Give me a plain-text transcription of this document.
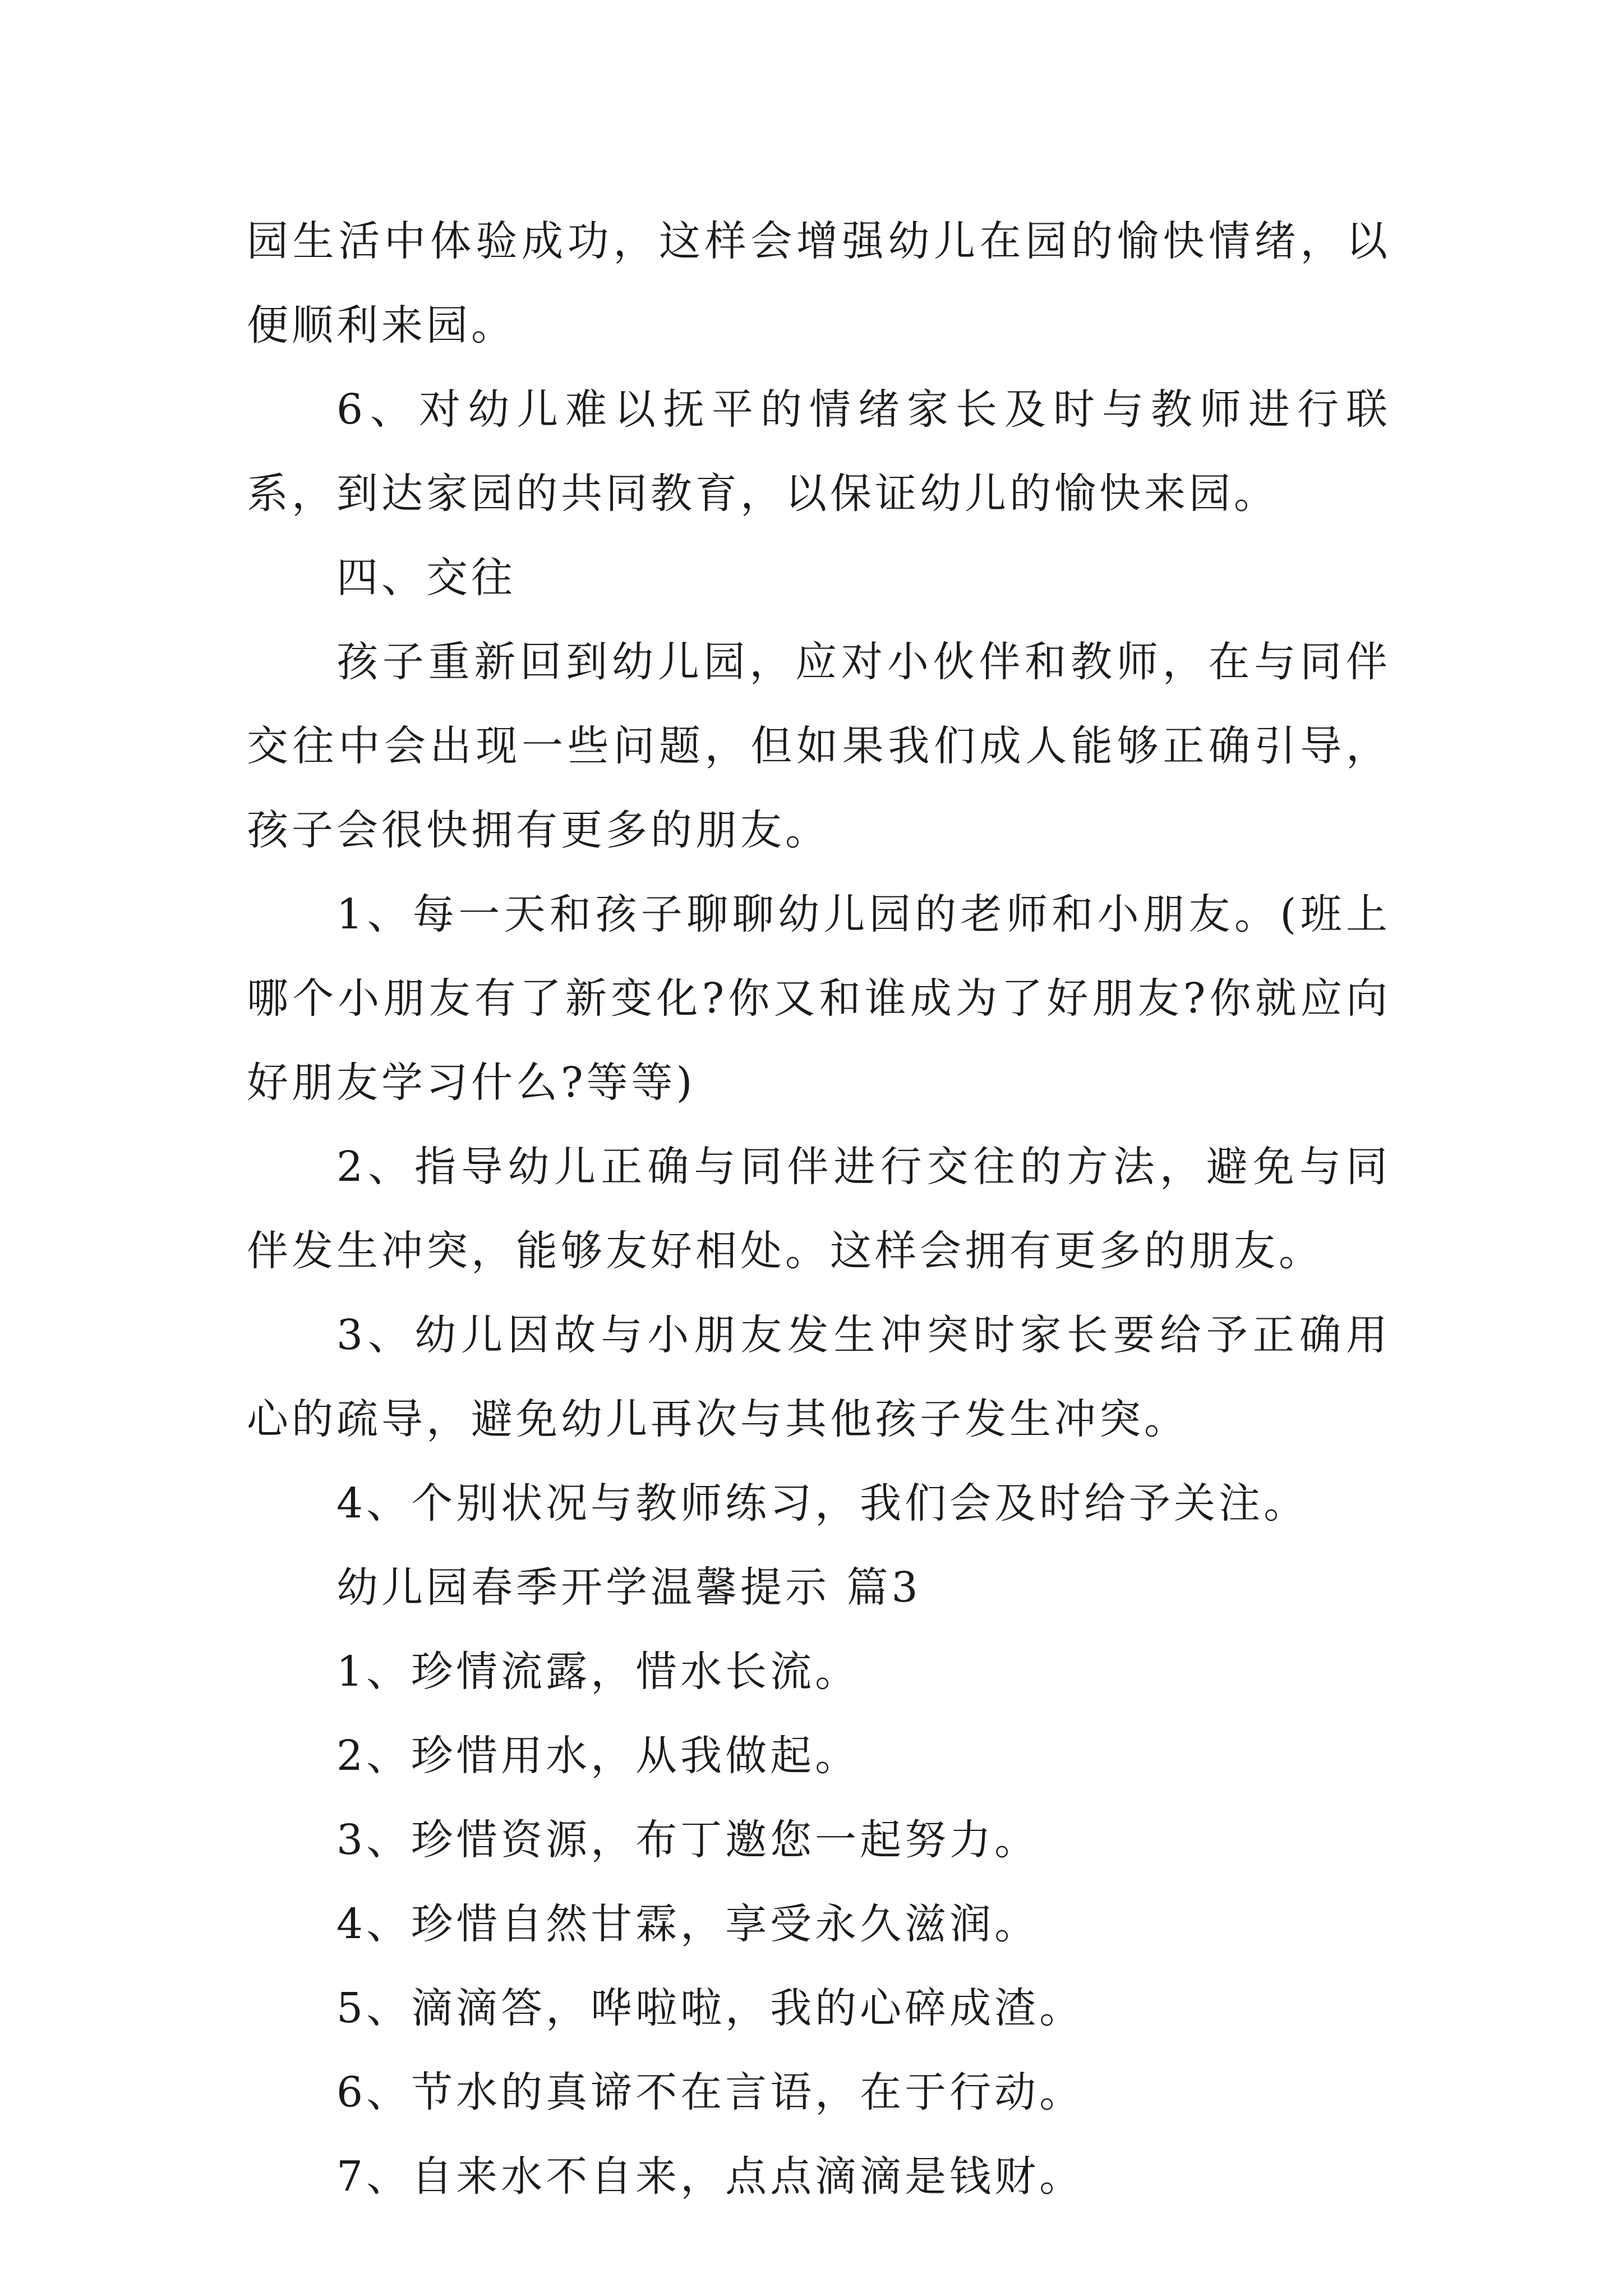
园生活中体验成功，这样会增强幼儿在园的愉快情绪，以便顺利来园。

6、对幼儿难以抚平的情绪家长及时与教师进行联系，到达家园的共同教育，以保证幼儿的愉快来园。

四、交往

孩子重新回到幼儿园，应对小伙伴和教师，在与同伴交往中会出现一些问题，但如果我们成人能够正确引导，孩子会很快拥有更多的朋友。

1、每一天和孩子聊聊幼儿园的老师和小朋友。(班上哪个小朋友有了新变化?你又和谁成为了好朋友?你就应向好朋友学习什么?等等)

2、指导幼儿正确与同伴进行交往的方法，避免与同伴发生冲突，能够友好相处。这样会拥有更多的朋友。

3、幼儿因故与小朋友发生冲突时家长要给予正确用心的疏导，避免幼儿再次与其他孩子发生冲突。

4、个别状况与教师练习，我们会及时给予关注。

幼儿园春季开学温馨提示 篇3

1、珍情流露，惜水长流。

2、珍惜用水，从我做起。

3、珍惜资源，布丁邀您一起努力。

4、珍惜自然甘霖，享受永久滋润。

5、滴滴答，哗啦啦，我的心碎成渣。

6、节水的真谛不在言语，在于行动。

7、自来水不自来，点点滴滴是钱财。
